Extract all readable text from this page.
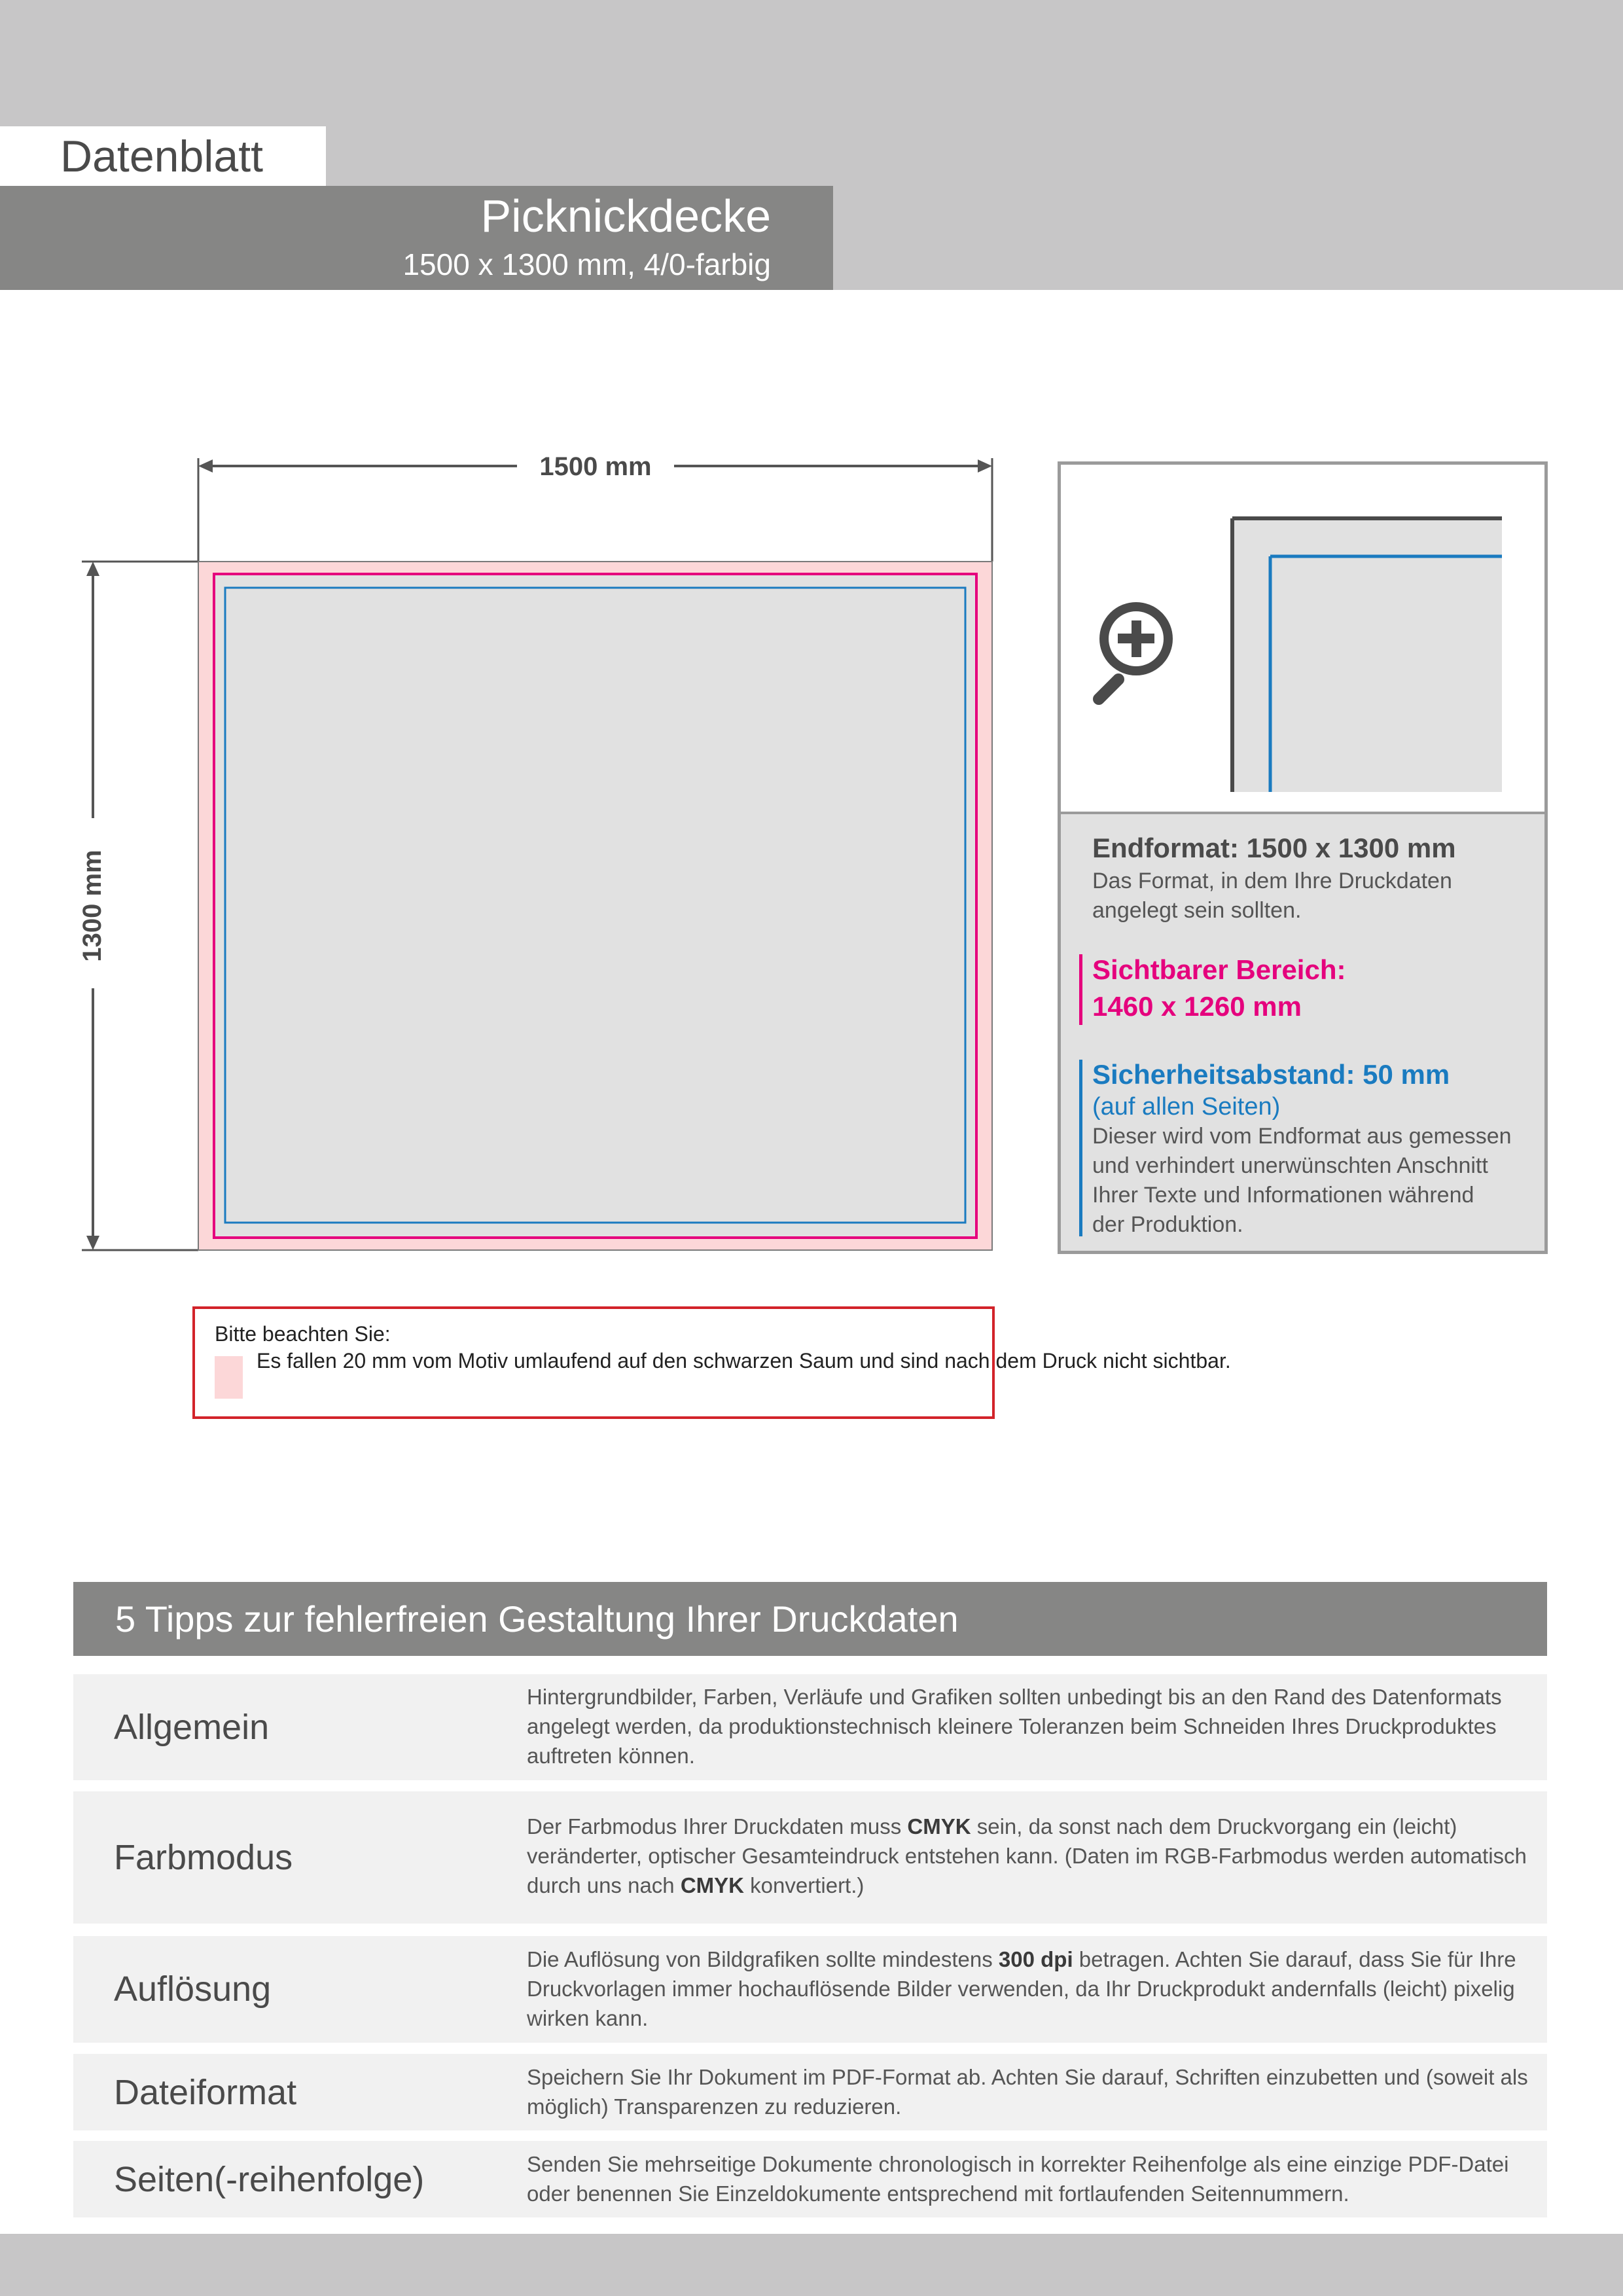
Datenblatt
Picknickdecke
1500 x 1300 mm, 4/0-farbig
1500 mm
1300 mm
Endformat: 1500 x 1300 mm
Das Format, in dem Ihre Druckdaten
angelegt sein sollten.
Sichtbarer Bereich:
1460 x 1260 mm
Sicherheitsabstand: 50 mm
(auf allen Seiten)
Dieser wird vom Endformat aus gemessen
und verhindert unerwünschten Anschnitt
Ihrer Texte und Informationen während
der Produktion.
Bitte beachten Sie:
Es fallen 20 mm vom Motiv umlaufend auf den schwarzen Saum und sind nach dem Druck nicht sichtbar.
5 Tipps zur fehlerfreien Gestaltung Ihrer Druckdaten
Allgemein
Hintergrundbilder, Farben, Verläufe und Grafiken sollten unbedingt bis an den Rand des Datenformats angelegt werden, da produktionstechnisch kleinere Toleranzen beim Schneiden Ihres Druckproduktes auftreten können.
Farbmodus
Der Farbmodus Ihrer Druckdaten muss CMYK sein, da sonst nach dem Druckvorgang ein (leicht) veränderter, optischer Gesamteindruck entstehen kann. (Daten im RGB-Farbmodus werden automatisch durch uns nach CMYK konvertiert.)
Auflösung
Die Auflösung von Bildgrafiken sollte mindestens 300 dpi betragen. Achten Sie darauf, dass Sie für Ihre Druckvorlagen immer hochauflösende Bilder verwenden, da Ihr Druckprodukt andernfalls (leicht) pixelig wirken kann.
Dateiformat	Speichern Sie Ihr Dokument im PDF-Format ab. Achten Sie darauf, Schriften einzubetten und (soweit als möglich) Transparenzen zu reduzieren.
Seiten(-reihenfolge)	Senden Sie mehrseitige Dokumente chronologisch in korrekter Reihenfolge als eine einzige PDF-Datei oder benennen Sie Einzeldokumente entsprechend mit fortlaufenden Seitennummern.
